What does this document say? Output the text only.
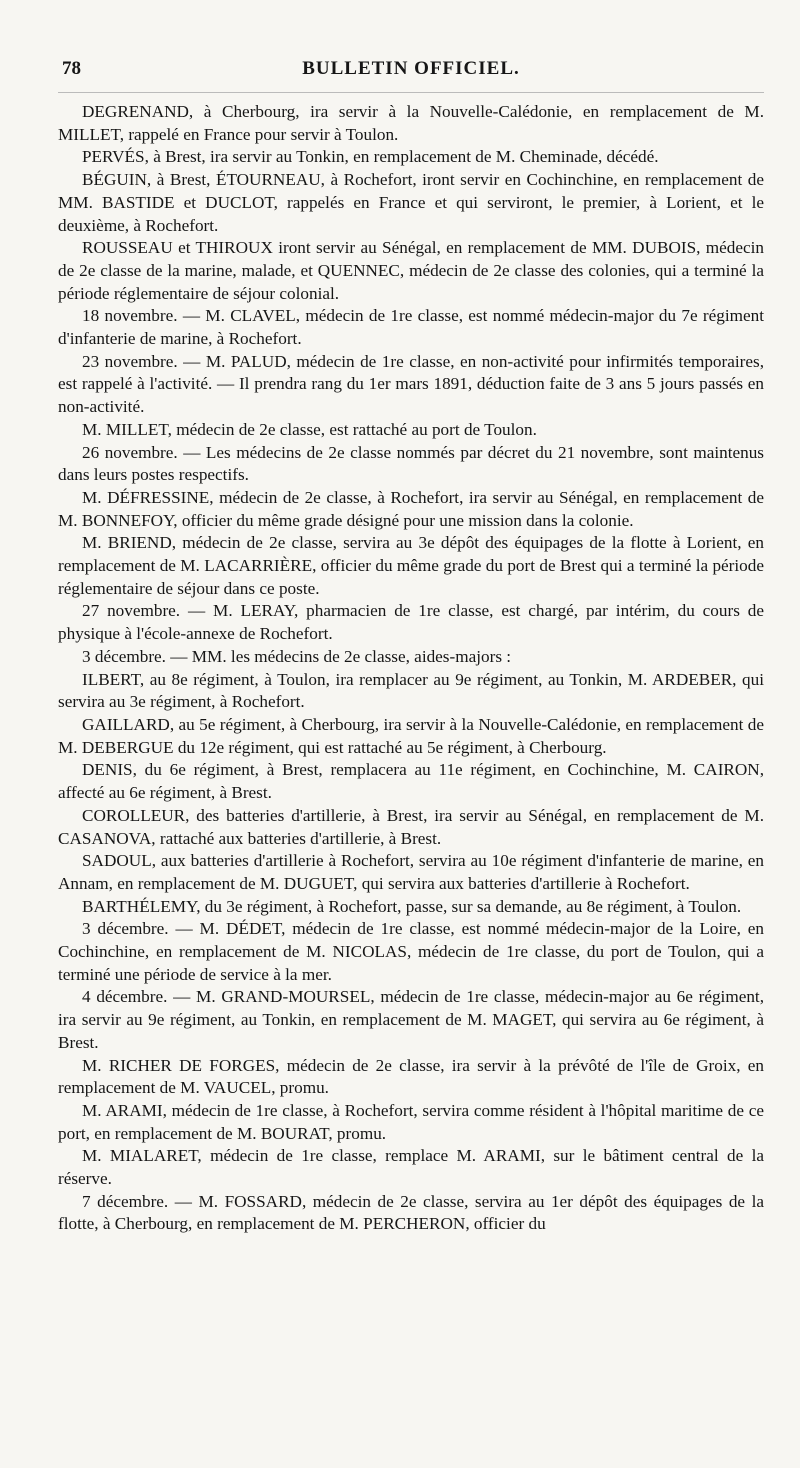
78	BULLETIN OFFICIEL.

DEGRENAND, à Cherbourg, ira servir à la Nouvelle-Calédonie, en remplacement de M. MILLET, rappelé en France pour servir à Toulon.

PERVÉS, à Brest, ira servir au Tonkin, en remplacement de M. Cheminade, décédé.

BÉGUIN, à Brest, ÉTOURNEAU, à Rochefort, iront servir en Cochinchine, en remplacement de MM. BASTIDE et DUCLOT, rappelés en France et qui serviront, le premier, à Lorient, et le deuxième, à Rochefort.

ROUSSEAU et THIROUX iront servir au Sénégal, en remplacement de MM. DUBOIS, médecin de 2e classe de la marine, malade, et QUENNEC, médecin de 2e classe des colonies, qui a terminé la période réglementaire de séjour colonial.

18 novembre. — M. CLAVEL, médecin de 1re classe, est nommé médecin-major du 7e régiment d'infanterie de marine, à Rochefort.

23 novembre. — M. PALUD, médecin de 1re classe, en non-activité pour infirmités temporaires, est rappelé à l'activité. — Il prendra rang du 1er mars 1891, déduction faite de 3 ans 5 jours passés en non-activité.

M. MILLET, médecin de 2e classe, est rattaché au port de Toulon.

26 novembre. — Les médecins de 2e classe nommés par décret du 21 novembre, sont maintenus dans leurs postes respectifs.

M. DÉFRESSINE, médecin de 2e classe, à Rochefort, ira servir au Sénégal, en remplacement de M. BONNEFOY, officier du même grade désigné pour une mission dans la colonie.

M. BRIEND, médecin de 2e classe, servira au 3e dépôt des équipages de la flotte à Lorient, en remplacement de M. LACARRIÈRE, officier du même grade du port de Brest qui a terminé la période réglementaire de séjour dans ce poste.

27 novembre. — M. LERAY, pharmacien de 1re classe, est chargé, par intérim, du cours de physique à l'école-annexe de Rochefort.

3 décembre. — MM. les médecins de 2e classe, aides-majors :

ILBERT, au 8e régiment, à Toulon, ira remplacer au 9e régiment, au Tonkin, M. ARDEBER, qui servira au 3e régiment, à Rochefort.

GAILLARD, au 5e régiment, à Cherbourg, ira servir à la Nouvelle-Calédonie, en remplacement de M. DEBERGUE du 12e régiment, qui est rattaché au 5e régiment, à Cherbourg.

DENIS, du 6e régiment, à Brest, remplacera au 11e régiment, en Cochinchine, M. CAIRON, affecté au 6e régiment, à Brest.

COROLLEUR, des batteries d'artillerie, à Brest, ira servir au Sénégal, en remplacement de M. CASANOVA, rattaché aux batteries d'artillerie, à Brest.

SADOUL, aux batteries d'artillerie à Rochefort, servira au 10e régiment d'infanterie de marine, en Annam, en remplacement de M. DUGUET, qui servira aux batteries d'artillerie à Rochefort.

BARTHÉLEMY, du 3e régiment, à Rochefort, passe, sur sa demande, au 8e régiment, à Toulon.

3 décembre. — M. DÉDET, médecin de 1re classe, est nommé médecin-major de la Loire, en Cochinchine, en remplacement de M. NICOLAS, médecin de 1re classe, du port de Toulon, qui a terminé une période de service à la mer.

4 décembre. — M. GRAND-MOURSEL, médecin de 1re classe, médecin-major au 6e régiment, ira servir au 9e régiment, au Tonkin, en remplacement de M. MAGET, qui servira au 6e régiment, à Brest.

M. RICHER DE FORGES, médecin de 2e classe, ira servir à la prévôté de l'île de Groix, en remplacement de M. VAUCEL, promu.

M. ARAMI, médecin de 1re classe, à Rochefort, servira comme résident à l'hôpital maritime de ce port, en remplacement de M. BOURAT, promu.

M. MIALARET, médecin de 1re classe, remplace M. ARAMI, sur le bâtiment central de la réserve.

7 décembre. — M. FOSSARD, médecin de 2e classe, servira au 1er dépôt des équipages de la flotte, à Cherbourg, en remplacement de M. PERCHERON, officier du
